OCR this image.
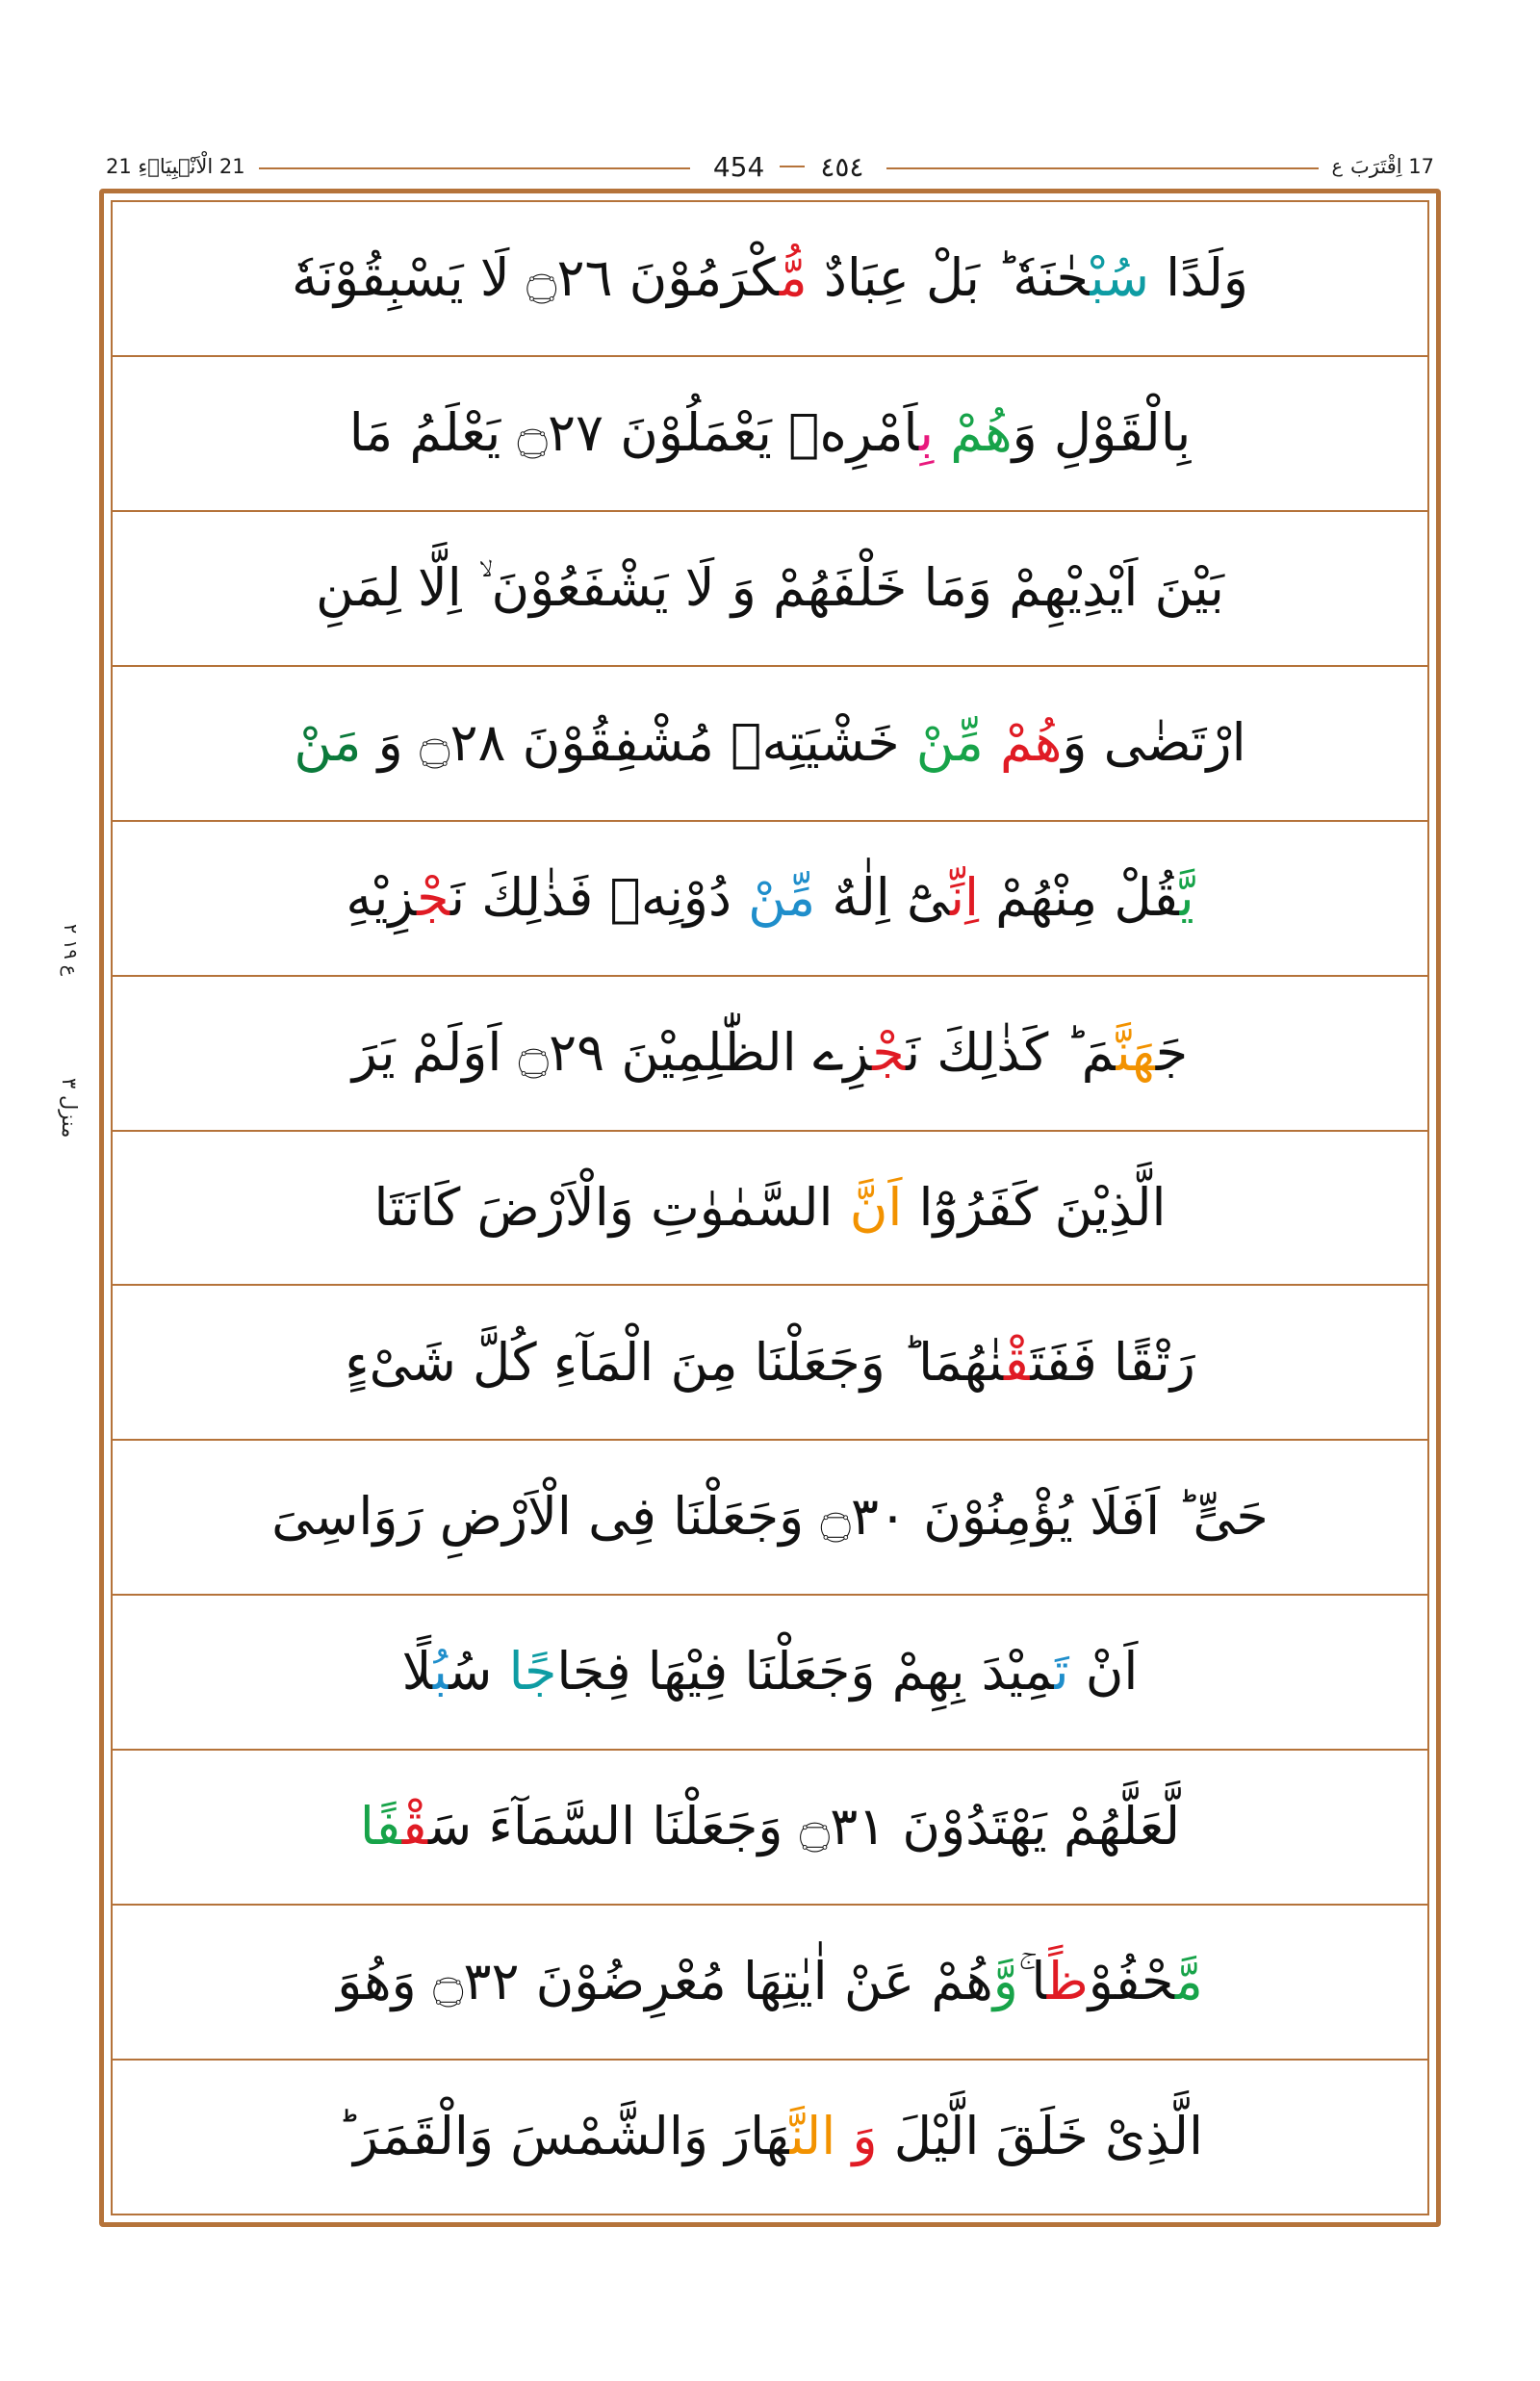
17 اِقْتَرَبَ
ع
٤٥٤
454
21 الْاَنْۢبِيَاۗءِ 21
ع ١٩ ٢
منزل ٣
وَلَدًا سُبْحٰنَهٗ ؕ بَلْ عِبَادٌ مُّكْرَمُوْنَ ۝٢٦ لَا يَسْبِقُوْنَهٗ
بِالْقَوْلِ وَهُمْ بِاَمْرِهٖ يَعْمَلُوْنَ ۝٢٧ يَعْلَمُ مَا
بَيْنَ اَيْدِيْهِمْ وَمَا خَلْفَهُمْ وَ لَا يَشْفَعُوْنَ ۙ اِلَّا لِمَنِ
ارْتَضٰى وَهُمْ مِّنْ خَشْيَتِهٖ مُشْفِقُوْنَ ۝٢٨ وَ مَنْ
يَّقُلْ مِنْهُمْ اِنِّىْٓ اِلٰهٌ مِّنْ دُوْنِهٖ فَذٰلِكَ نَجْزِيْهِ
جَهَنَّمَ ؕ كَذٰلِكَ نَجْزِے الظّٰلِمِيْنَ ۝٢٩ اَوَلَمْ يَرَ
الَّذِيْنَ كَفَرُوْٓا اَنَّ السَّمٰوٰتِ وَالْاَرْضَ كَانَتَا
رَتْقًا فَفَتَقْنٰهُمَا ؕ وَجَعَلْنَا مِنَ الْمَآءِ كُلَّ شَىْءٍ
حَىٍّ ؕ اَفَلَا يُؤْمِنُوْنَ ۝٣٠ وَجَعَلْنَا فِى الْاَرْضِ رَوَاسِىَ
اَنْ تَمِيْدَ بِهِمْ وَجَعَلْنَا فِيْهَا فِجَاجًا سُبُلًا
لَّعَلَّهُمْ يَهْتَدُوْنَ ۝٣١ وَجَعَلْنَا السَّمَآءَ سَقْفًا
مَّحْفُوْظًا ۚوَّهُمْ عَنْ اٰيٰتِهَا مُعْرِضُوْنَ ۝٣٢ وَهُوَ
الَّذِىْ خَلَقَ الَّيْلَ وَ النَّهَارَ وَالشَّمْسَ وَالْقَمَرَ ؕ
